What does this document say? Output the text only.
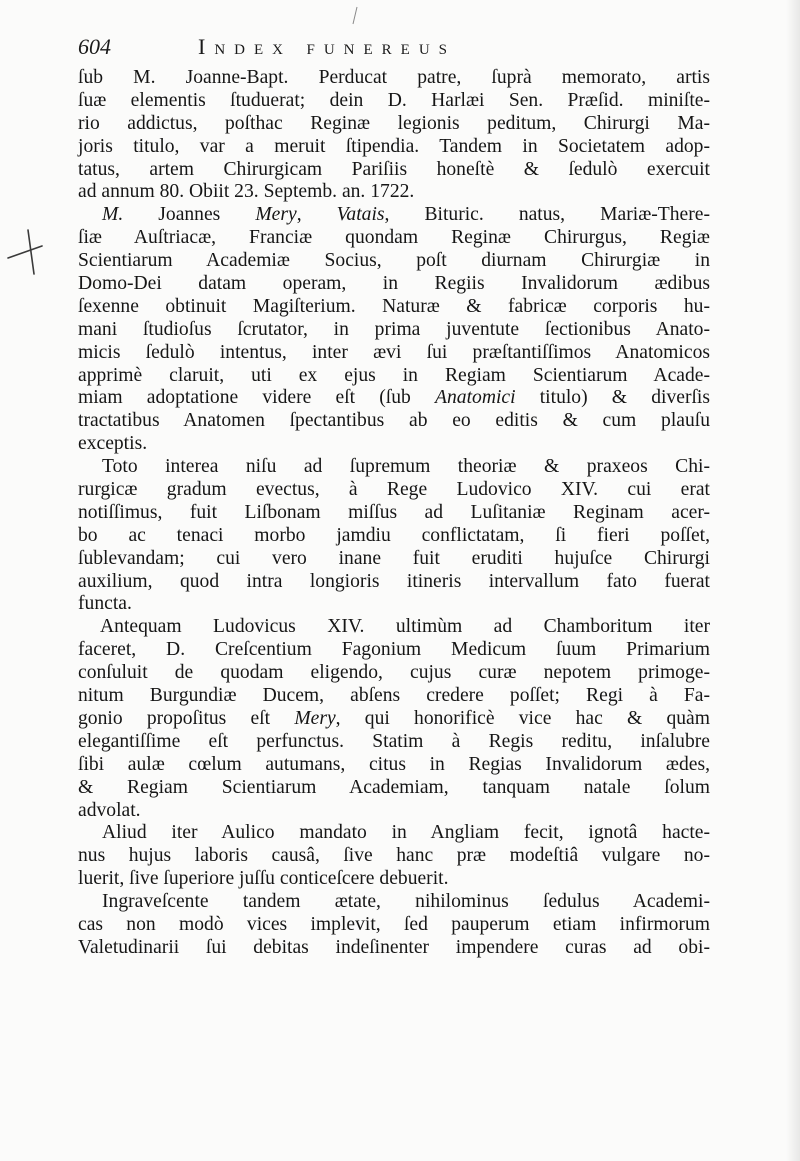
604	Index funereus
ſub M. Joanne-Bapt. Perducat patre, ſuprà memorato, artis
ſuæ elementis ſtuduerat; dein D. Harlæi Sen. Præſid. miniſte-
rio addictus, poſthac Reginæ legionis peditum, Chirurgi Ma-
joris titulo, var a meruit ſtipendia. Tandem in Societatem adop-
tatus, artem Chirurgicam Pariſiis honeſtè & ſedulò exercuit
ad annum 80. Obiit 23. Septemb. an. 1722.
M. Joannes Mery, Vatais, Bituric. natus, Mariæ-There-
ſiæ Auſtriacæ, Franciæ quondam Reginæ Chirurgus, Regiæ
Scientiarum Academiæ Socius, poſt diurnam Chirurgiæ in
Domo-Dei datam operam, in Regiis Invalidorum ædibus
ſexenne obtinuit Magiſterium. Naturæ & fabricæ corporis hu-
mani ſtudioſus ſcrutator, in prima juventute ſectionibus Anato-
micis ſedulò intentus, inter ævi ſui præſtantiſſimos Anatomicos
apprimè claruit, uti ex ejus in Regiam Scientiarum Acade-
miam adoptatione videre eſt (ſub Anatomici titulo) & diverſis
tractatibus Anatomen ſpectantibus ab eo editis & cum plauſu
exceptis.
Toto interea niſu ad ſupremum theoriæ & praxeos Chi-
rurgicæ gradum evectus, à Rege Ludovico XIV. cui erat
notiſſimus, fuit Liſbonam miſſus ad Luſitaniæ Reginam acer-
bo ac tenaci morbo jamdiu conflictatam, ſi fieri poſſet,
ſublevandam; cui vero inane fuit eruditi hujuſce Chirurgi
auxilium, quod intra longioris itineris intervallum fato fuerat
functa.
Antequam Ludovicus XIV. ultimùm ad Chamboritum iter
faceret, D. Creſcentium Fagonium Medicum ſuum Primarium
conſuluit de quodam eligendo, cujus curæ nepotem primoge-
nitum Burgundiæ Ducem, abſens credere poſſet; Regi à Fa-
gonio propoſitus eſt Mery, qui honorificè vice hac & quàm
elegantiſſime eſt perfunctus. Statim à Regis reditu, inſalubre
ſibi aulæ cœlum autumans, citus in Regias Invalidorum ædes,
& Regiam Scientiarum Academiam, tanquam natale ſolum
advolat.
Aliud iter Aulico mandato in Angliam fecit, ignotâ hacte-
nus hujus laboris causâ, ſive hanc præ modeſtiâ vulgare no-
luerit, ſive ſuperiore juſſu conticeſcere debuerit.
Ingraveſcente tandem ætate, nihilominus ſedulus Academi-
cas non modò vices implevit, ſed pauperum etiam infirmorum
Valetudinarii ſui debitas indeſinenter impendere curas ad obi-
